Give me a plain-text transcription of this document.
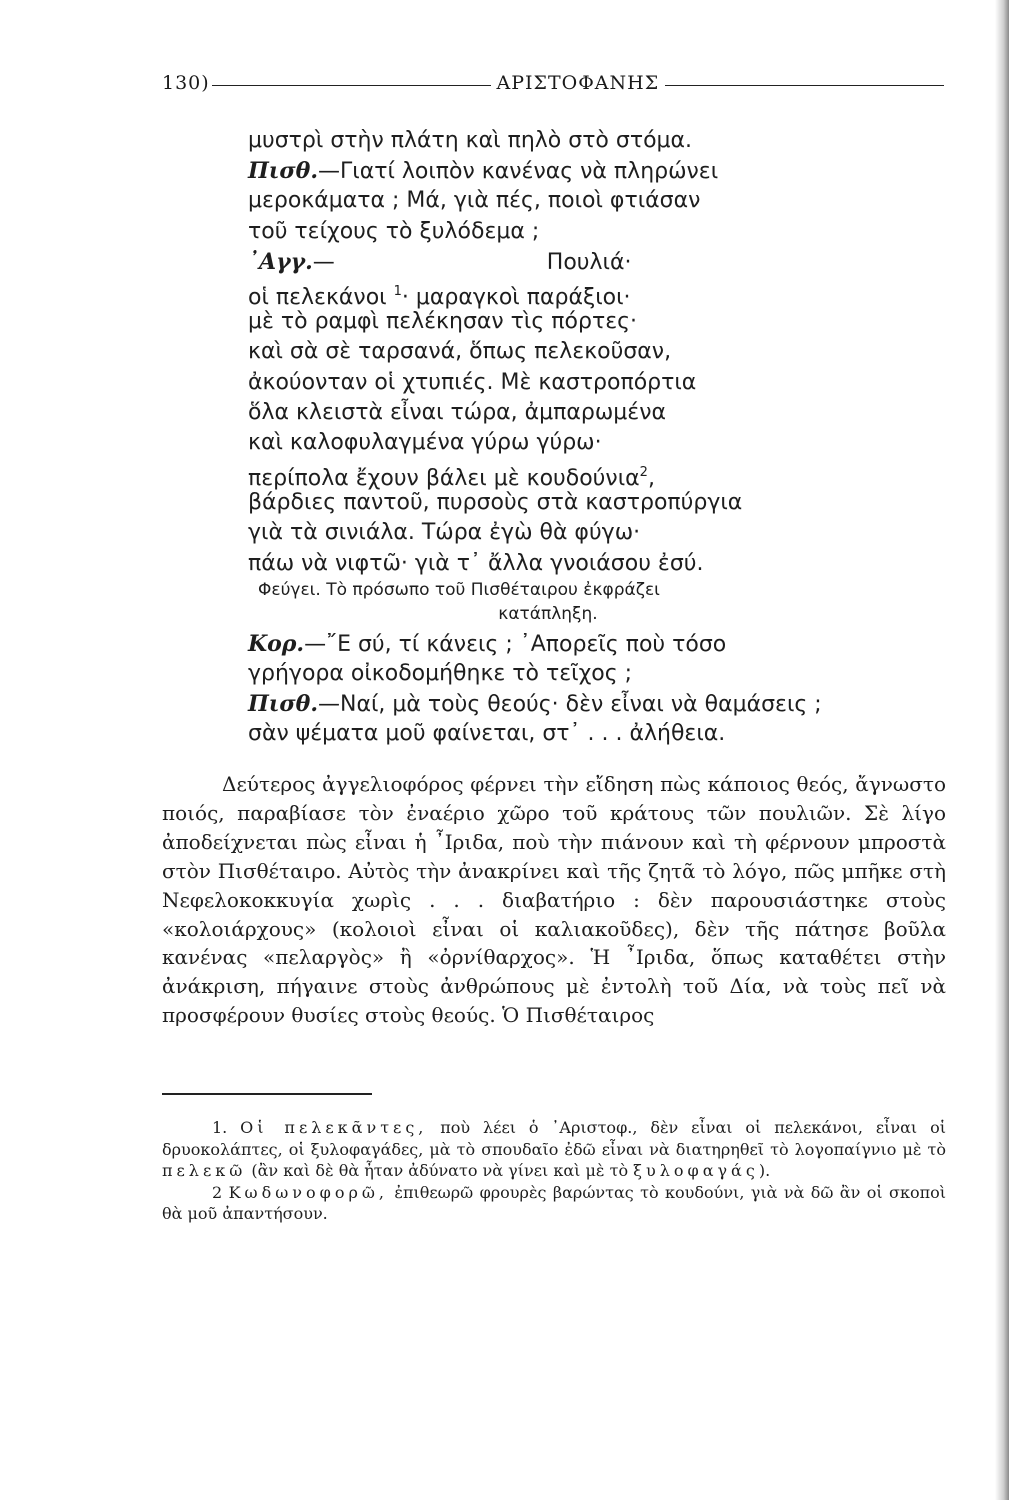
130)	ΑΡΙΣΤΟΦΑΝΗΣ
μυστρὶ στὴν πλάτη καὶ πηλὸ στὸ στόμα.
Πισθ.—Γιατί λοιπὸν κανένας νὰ πληρώνει
μεροκάματα ; Μά, γιὰ πές, ποιοὶ φτιάσαν
τοῦ τείχους τὸ ξυλόδεμα ;
᾿Αγγ.—	Πουλιά·
οἱ πελεκάνοι $^1$· μαραγκοὶ παράξιοι·
μὲ τὸ ραμφὶ πελέκησαν τὶς πόρτες·
καὶ σὰ σὲ ταρσανά, ὅπως πελεκοῦσαν,
ἀκούονταν οἱ χτυπιές. Μὲ καστροπόρτια
ὅλα κλειστὰ εἶναι τώρα, ἀμπαρωμένα
καὶ καλοφυλαγμένα γύρω γύρω·
περίπολα ἔχουν βάλει μὲ κουδούνια$^2$,
βάρδιες παντοῦ, πυρσοὺς στὰ καστροπύργια
γιὰ τὰ σινιάλα. Τώρα ἐγὼ θὰ φύγω·
πάω νὰ νιφτῶ· γιὰ τ᾿ ἄλλα γνοιάσου ἐσύ.
Φεύγει. Τὸ πρόσωπο τοῦ Πισθέταιρου ἐκφράζει
κατάπληξη.
Κορ.—῎Ε σύ, τί κάνεις ; ᾿Απορεῖς ποὺ τόσο
γρήγορα οἰκοδομήθηκε τὸ τεῖχος ;
Πισθ.—Ναί, μὰ τοὺς θεούς· δὲν εἶναι νὰ θαμάσεις ;
σὰν ψέματα μοῦ φαίνεται, στ᾿ . . . ἀλήθεια.

Δεύτερος ἀγγελιοφόρος φέρνει τὴν εἴδηση πὼς κάποιος θεός, ἄγνωστο ποιός, παραβίασε τὸν ἐναέριο χῶρο τοῦ κράτους τῶν πουλιῶν. Σὲ λίγο ἀποδείχνεται πὼς εἶναι ἡ ῏Ιριδα, ποὺ τὴν πιάνουν καὶ τὴ φέρνουν μπροστὰ στὸν Πισθέταιρο. Αὐτὸς τὴν ἀνακρίνει καὶ τῆς ζητᾶ τὸ λόγο, πῶς μπῆκε στὴ Νεφελοκοκκυγία χωρὶς . . . διαβατήριο : δὲν παρουσιάστηκε στοὺς «κολοιάρχους» (κολοιοὶ εἶναι οἱ καλιακοῦδες), δὲν τῆς πάτησε βοῦλα κανένας «πελαργὸς» ἢ «ὀρνίθαρχος». Ἡ ῏Ιριδα, ὅπως καταθέτει στὴν ἀνάκριση, πήγαινε στοὺς ἀνθρώπους μὲ ἐντολὴ τοῦ Δία, νὰ τοὺς πεῖ νὰ προσφέρουν θυσίες στοὺς θεούς. Ὁ Πισθέταιρος

1. Οἱ πελεκᾶντες, ποὺ λέει ὁ ᾿Αριστοφ., δὲν εἶναι οἱ πελεκάνοι, εἶναι οἱ δρυοκολάπτες, οἱ ξυλοφαγάδες, μὰ τὸ σπουδαῖο ἐδῶ εἶναι νὰ διατηρηθεῖ τὸ λογοπαίγνιο μὲ τὸ πελεκῶ (ἂν καὶ δὲ θὰ ἦταν ἀδύνατο νὰ γίνει καὶ μὲ τὸ ξυλοφαγάς).

2 Κωδωνοφορῶ, ἐπιθεωρῶ φρουρὲς βαρώντας τὸ κουδούνι, γιὰ νὰ δῶ ἂν οἱ σκοποὶ θὰ μοῦ ἀπαντήσουν.
